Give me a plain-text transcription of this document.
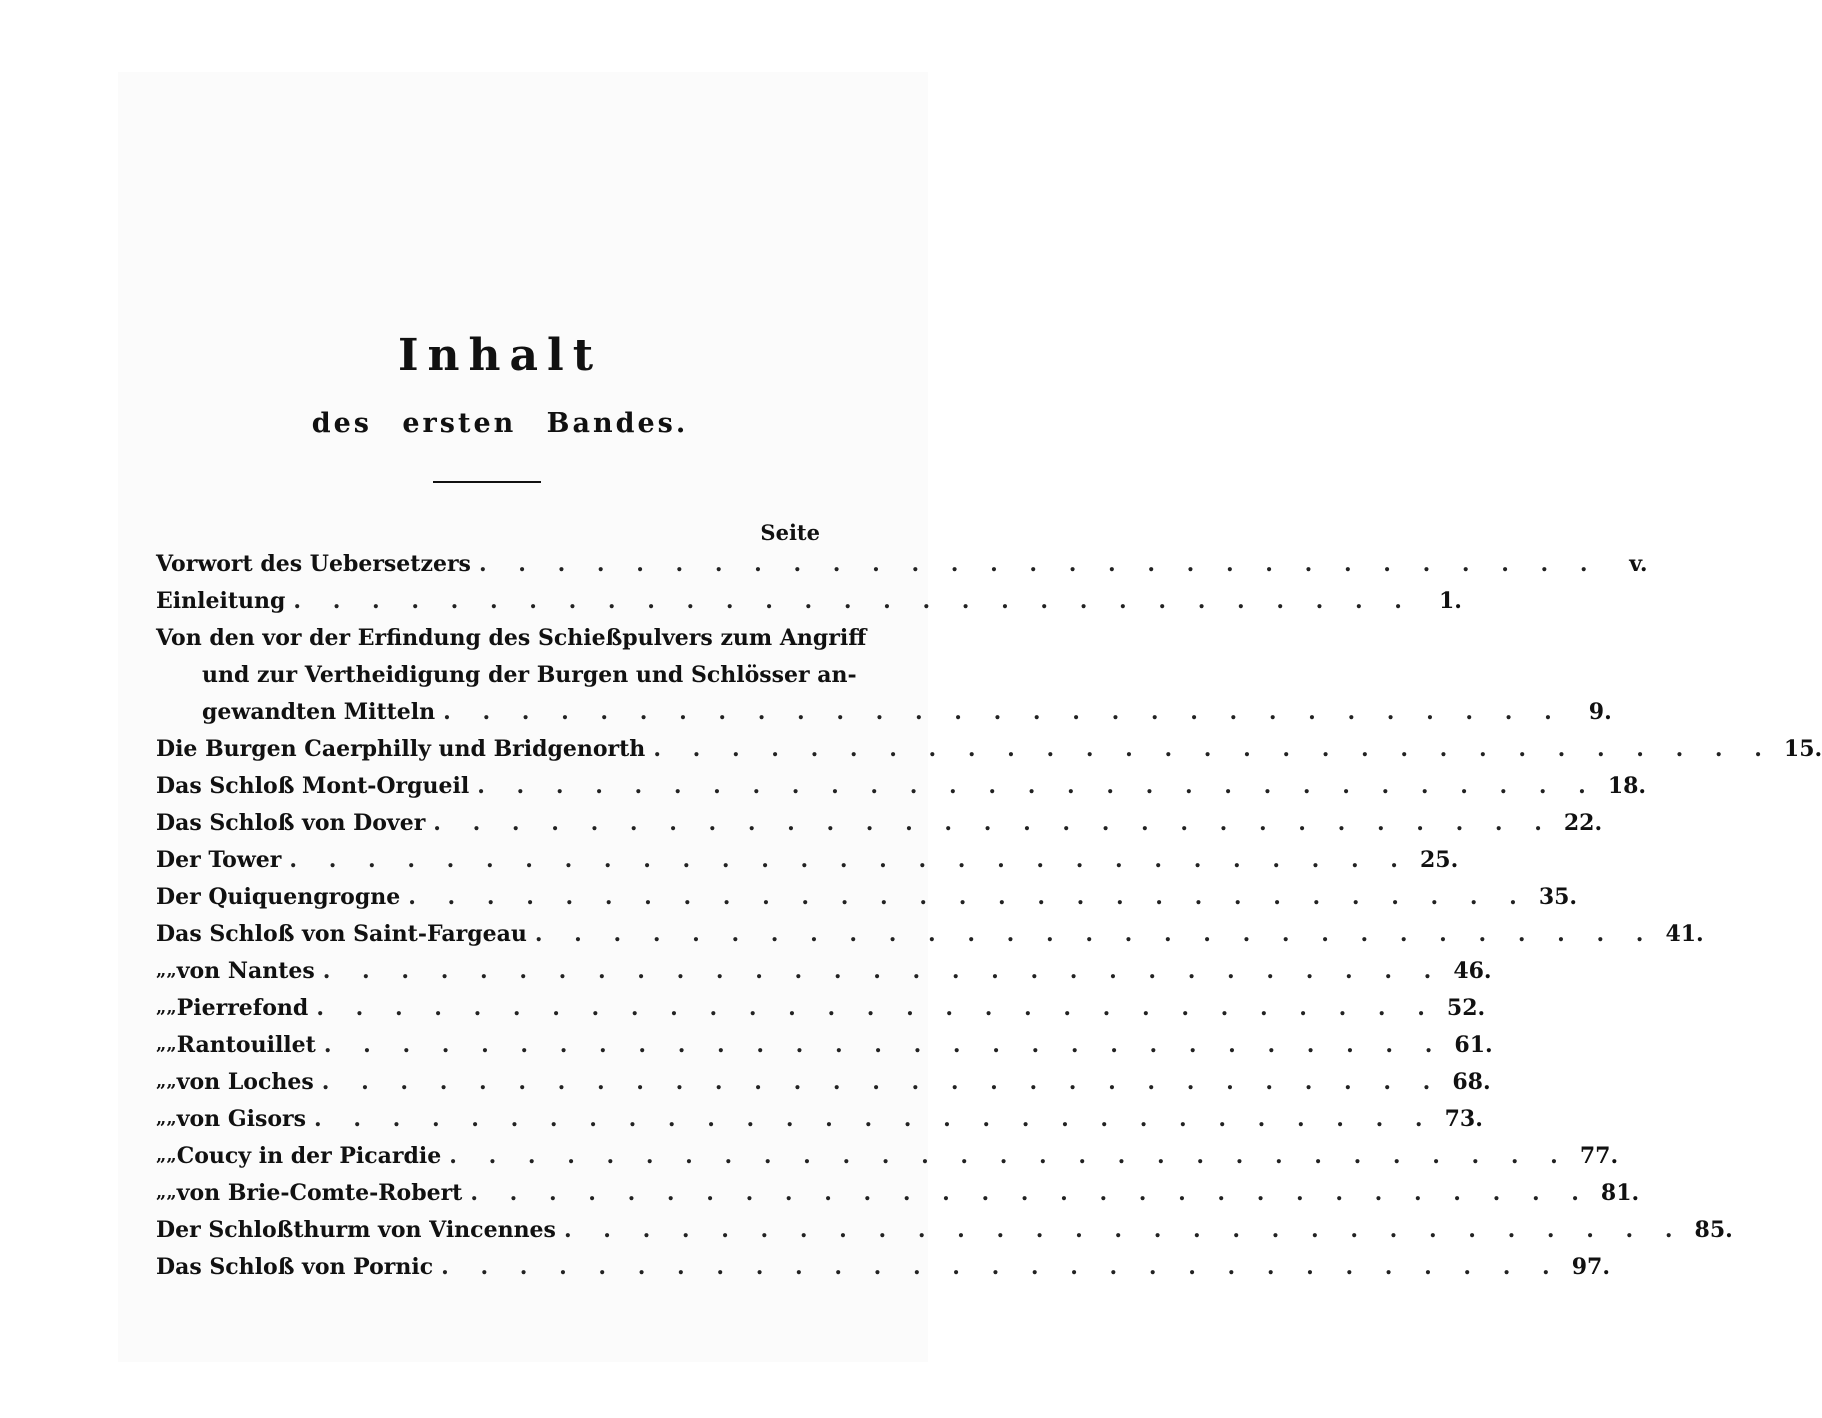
Inhalt
des ersten Bandes.
Seite
Vorwort des Uebersetzers . . . . . . . . . . . . . . . . . . . . . . . . . . . . .	v.
Einleitung . . . . . . . . . . . . . . . . . . . . . . . . . . . . .	1.
Von den vor der Erfindung des Schießpulvers zum Angriff
und zur Vertheidigung der Burgen und Schlösser an-
gewandten Mitteln . . . . . . . . . . . . . . . . . . . . . . . . . . . . .	9.
Die Burgen Caerphilly und Bridgenorth . . . . . . . . . . . . . . . . . . . . . . . . . . . . . 15.
Das Schloß Mont-Orgueil . . . . . . . . . . . . . . . . . . . . . . . . . . . . . 18.
Das Schloß von Dover . . . . . . . . . . . . . . . . . . . . . . . . . . . . . 22.
Der Tower . . . . . . . . . . . . . . . . . . . . . . . . . . . . . 25.
Der Quiquengrogne . . . . . . . . . . . . . . . . . . . . . . . . . . . . . 35.
Das Schloß von Saint-Fargeau . . . . . . . . . . . . . . . . . . . . . . . . . . . . . 41.
„ „ von Nantes . . . . . . . . . . . . . . . . . . . . . . . . . . . . . 46.
„ „ Pierrefond . . . . . . . . . . . . . . . . . . . . . . . . . . . . . 52.
„ „ Rantouillet . . . . . . . . . . . . . . . . . . . . . . . . . . . . . 61.
„ „ von Loches . . . . . . . . . . . . . . . . . . . . . . . . . . . . . 68.
„ „ von Gisors . . . . . . . . . . . . . . . . . . . . . . . . . . . . . 73.
„ „ Coucy in der Picardie . . . . . . . . . . . . . . . . . . . . . . . . . . . . . 77.
„ „ von Brie-Comte-Robert . . . . . . . . . . . . . . . . . . . . . . . . . . . . . 81.
Der Schloßthurm von Vincennes . . . . . . . . . . . . . . . . . . . . . . . . . . . . . 85.
Das Schloß von Pornic . . . . . . . . . . . . . . . . . . . . . . . . . . . . . 97.
